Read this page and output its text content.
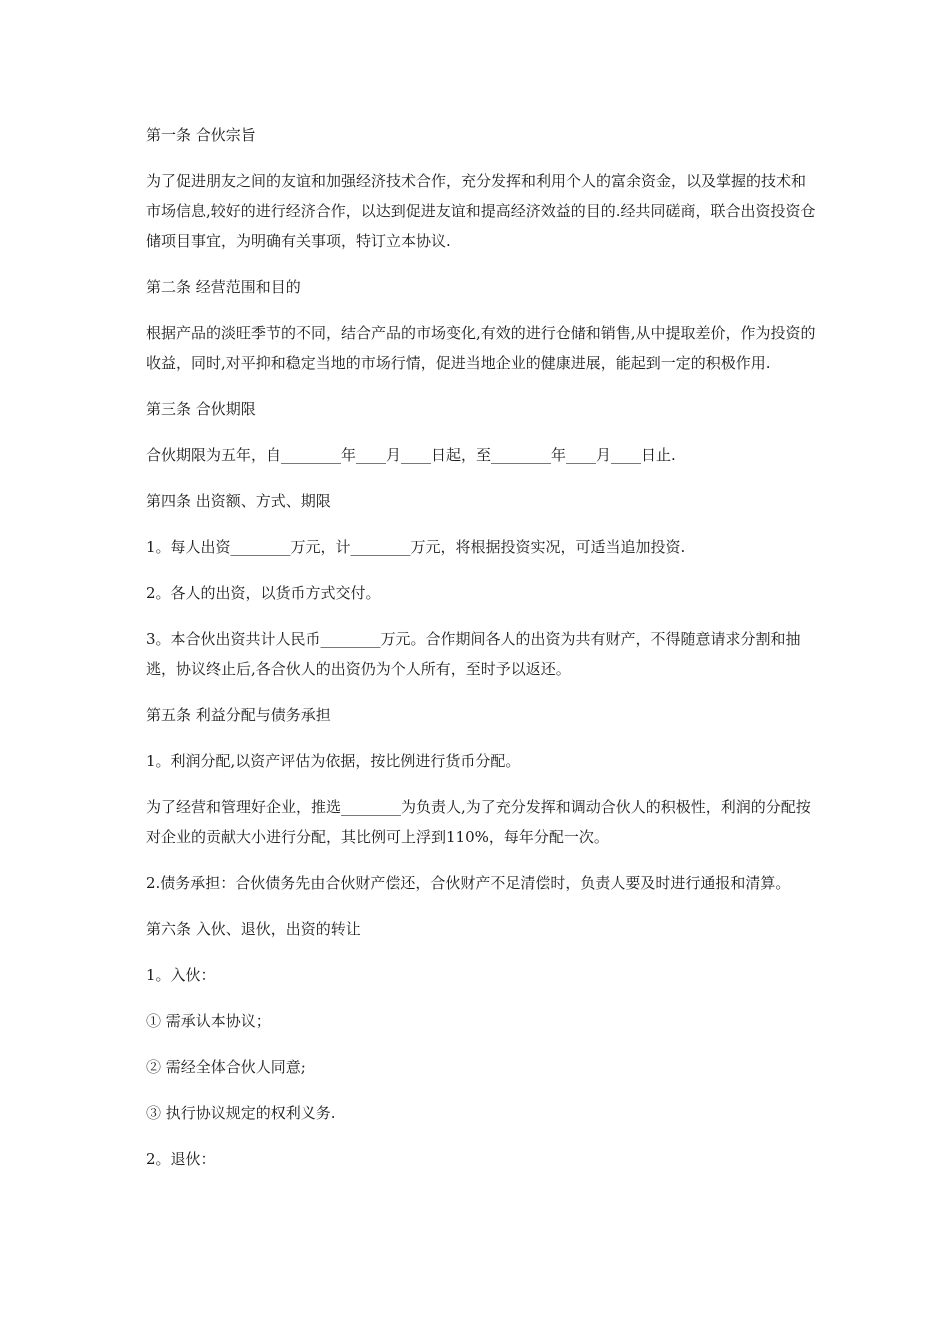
第一条 合伙宗旨

为了促进朋友之间的友谊和加强经济技术合作，充分发挥和利用个人的富余资金，以及掌握的技术和市场信息,较好的进行经济合作，以达到促进友谊和提高经济效益的目的.经共同磋商，联合出资投资仓储项目事宜，为明确有关事项，特订立本协议.

第二条 经营范围和目的

根据产品的淡旺季节的不同，结合产品的市场变化,有效的进行仓储和销售,从中提取差价，作为投资的收益，同时,对平抑和稳定当地的市场行情，促进当地企业的健康进展，能起到一定的积极作用.

第三条 合伙期限

合伙期限为五年，自________年____月____日起，至________年____月____日止.

第四条 出资额、方式、期限

1。每人出资________万元，计________万元，将根据投资实况，可适当追加投资.

2。各人的出资，以货币方式交付。

3。本合伙出资共计人民币________万元。合作期间各人的出资为共有财产，不得随意请求分割和抽逃，协议终止后,各合伙人的出资仍为个人所有，至时予以返还。

第五条 利益分配与债务承担

1。利润分配,以资产评估为依据，按比例进行货币分配。

为了经营和管理好企业，推选________为负责人,为了充分发挥和调动合伙人的积极性，利润的分配按对企业的贡献大小进行分配，其比例可上浮到110%，每年分配一次。

2.债务承担：合伙债务先由合伙财产偿还，合伙财产不足清偿时，负责人要及时进行通报和清算。

第六条 入伙、退伙，出资的转让

1。入伙：

① 需承认本协议；

② 需经全体合伙人同意;

③ 执行协议规定的权利义务.

2。退伙：
